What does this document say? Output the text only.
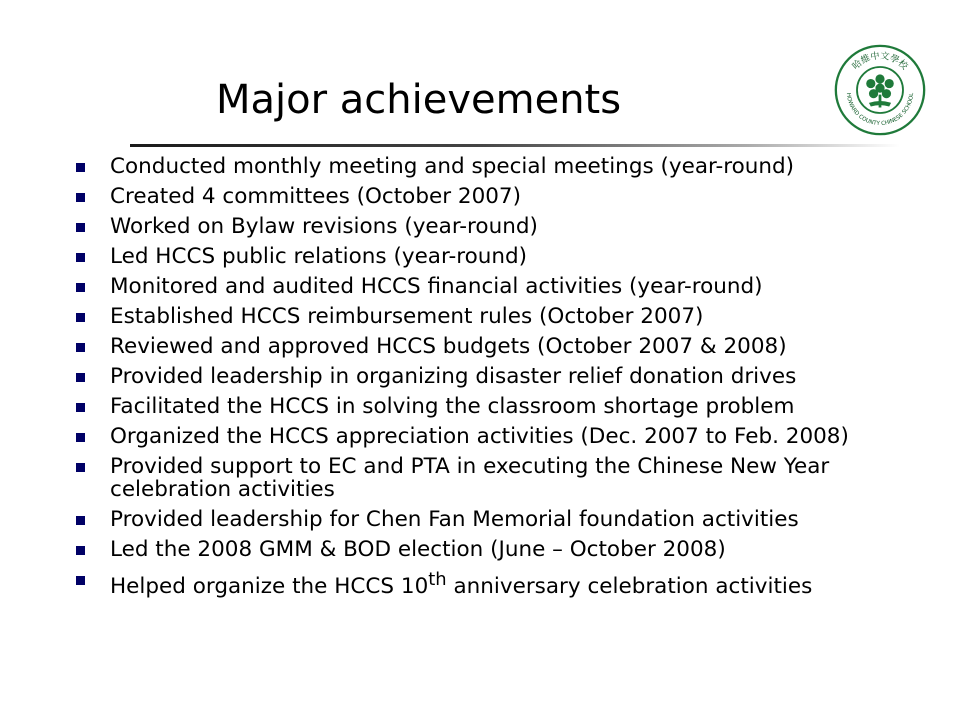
Major achievements
哈維中文學校
HOWARD COUNTY CHINESE SCHOOL
Conducted monthly meeting and special meetings (year-round)
Created 4 committees (October 2007)
Worked on Bylaw revisions (year-round)
Led HCCS public relations (year-round)
Monitored and audited HCCS financial activities (year-round)
Established HCCS reimbursement rules (October 2007)
Reviewed and approved HCCS budgets (October 2007 & 2008)
Provided leadership in organizing disaster relief donation drives
Facilitated the HCCS in solving the classroom shortage problem
Organized the HCCS appreciation activities (Dec. 2007 to Feb. 2008)
Provided support to EC and PTA in executing the Chinese New Year celebration activities
Provided leadership for Chen Fan Memorial foundation activities
Led the 2008 GMM & BOD election (June – October 2008)
Helped organize the HCCS 10th anniversary celebration activities
